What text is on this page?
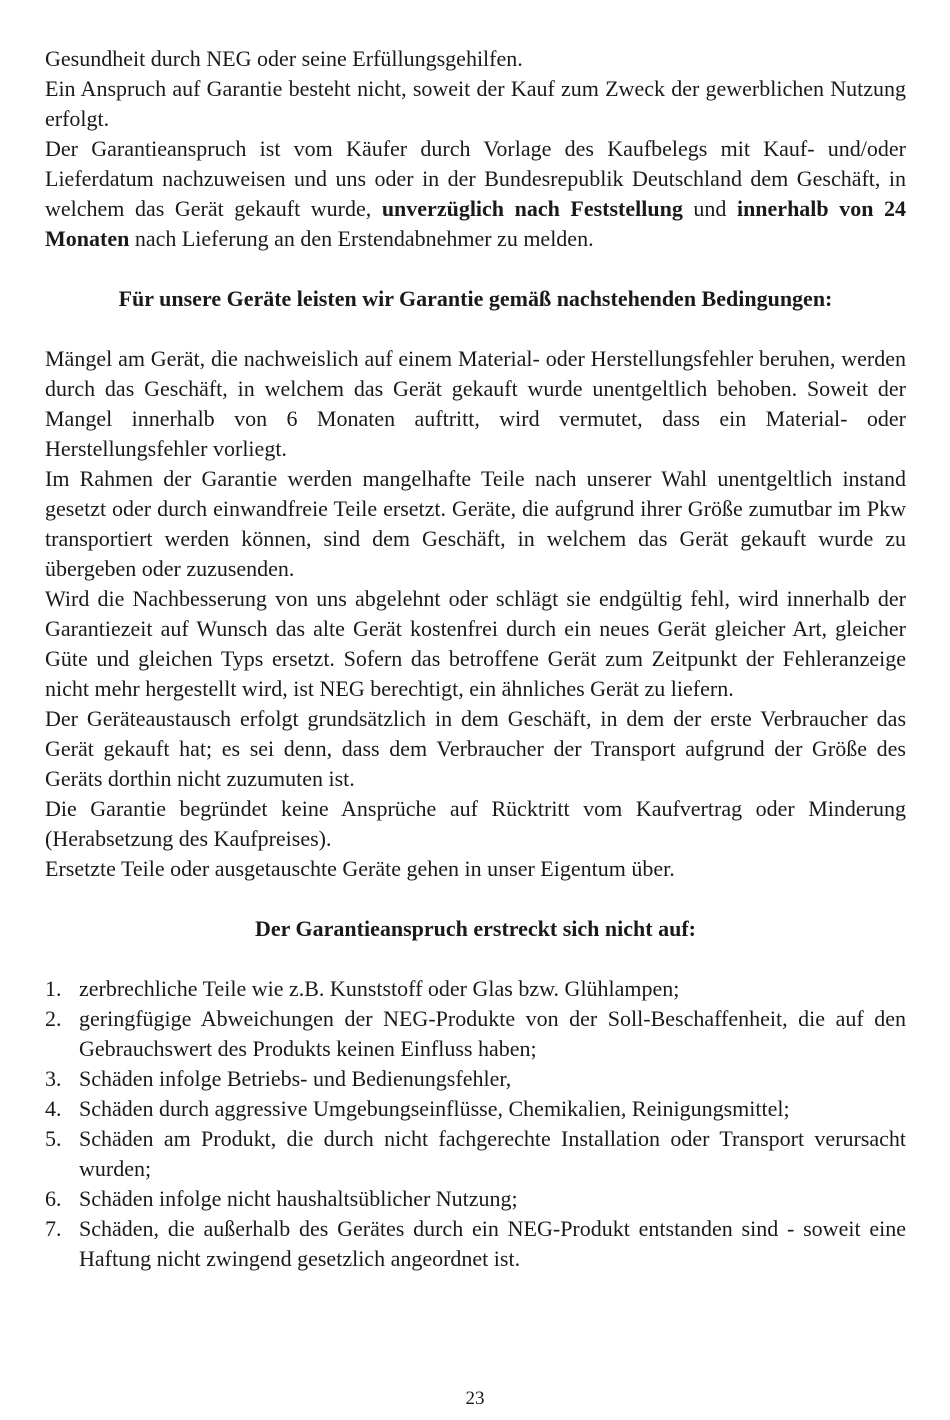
Gesundheit durch NEG oder seine Erfüllungsgehilfen.

Ein Anspruch auf Garantie besteht nicht, soweit der Kauf zum Zweck der gewerblichen Nutzung erfolgt.

Der Garantieanspruch ist vom Käufer durch Vorlage des Kaufbelegs mit Kauf- und/oder Lieferdatum nachzuweisen und uns oder in der Bundesrepublik Deutschland dem Geschäft, in welchem das Gerät gekauft wurde, unverzüglich nach Feststellung und innerhalb von 24 Monaten nach Lieferung an den Erstendabnehmer zu melden.

Für unsere Geräte leisten wir Garantie gemäß nachstehenden Bedingungen:

Mängel am Gerät, die nachweislich auf einem Material- oder Herstellungsfehler beruhen, werden durch das Geschäft, in welchem das Gerät gekauft wurde unentgeltlich behoben. Soweit der Mangel innerhalb von 6 Monaten auftritt, wird vermutet, dass ein Material- oder Herstellungsfehler vorliegt.

Im Rahmen der Garantie werden mangelhafte Teile nach unserer Wahl unentgeltlich instand gesetzt oder durch einwandfreie Teile ersetzt. Geräte, die aufgrund ihrer Größe zumutbar im Pkw transportiert werden können, sind dem Geschäft, in welchem das Gerät gekauft wurde zu übergeben oder zuzusenden.

Wird die Nachbesserung von uns abgelehnt oder schlägt sie endgültig fehl, wird innerhalb der Garantiezeit auf Wunsch das alte Gerät kostenfrei durch ein neues Gerät gleicher Art, gleicher Güte und gleichen Typs ersetzt. Sofern das betroffene Gerät zum Zeitpunkt der Fehleranzeige nicht mehr hergestellt wird, ist NEG berechtigt, ein ähnliches Gerät zu liefern.

Der Geräteaustausch erfolgt grundsätzlich in dem Geschäft, in dem der erste Verbraucher das Gerät gekauft hat; es sei denn, dass dem Verbraucher der Transport aufgrund der Größe des Geräts dorthin nicht zuzumuten ist.

Die Garantie begründet keine Ansprüche auf Rücktritt vom Kaufvertrag oder Minderung (Herabsetzung des Kaufpreises).

Ersetzte Teile oder ausgetauschte Geräte gehen in unser Eigentum über.

Der Garantieanspruch erstreckt sich nicht auf:

1. zerbrechliche Teile wie z.B. Kunststoff oder Glas bzw. Glühlampen;
2. geringfügige Abweichungen der NEG-Produkte von der Soll-Beschaffenheit, die auf den Gebrauchswert des Produkts keinen Einfluss haben;
3. Schäden infolge Betriebs- und Bedienungsfehler,
4. Schäden durch aggressive Umgebungseinflüsse, Chemikalien, Reinigungsmittel;
5. Schäden am Produkt, die durch nicht fachgerechte Installation oder Transport verursacht wurden;
6. Schäden infolge nicht haushaltsüblicher Nutzung;
7. Schäden, die außerhalb des Gerätes durch ein NEG-Produkt entstanden sind - soweit eine Haftung nicht zwingend gesetzlich angeordnet ist.
23
